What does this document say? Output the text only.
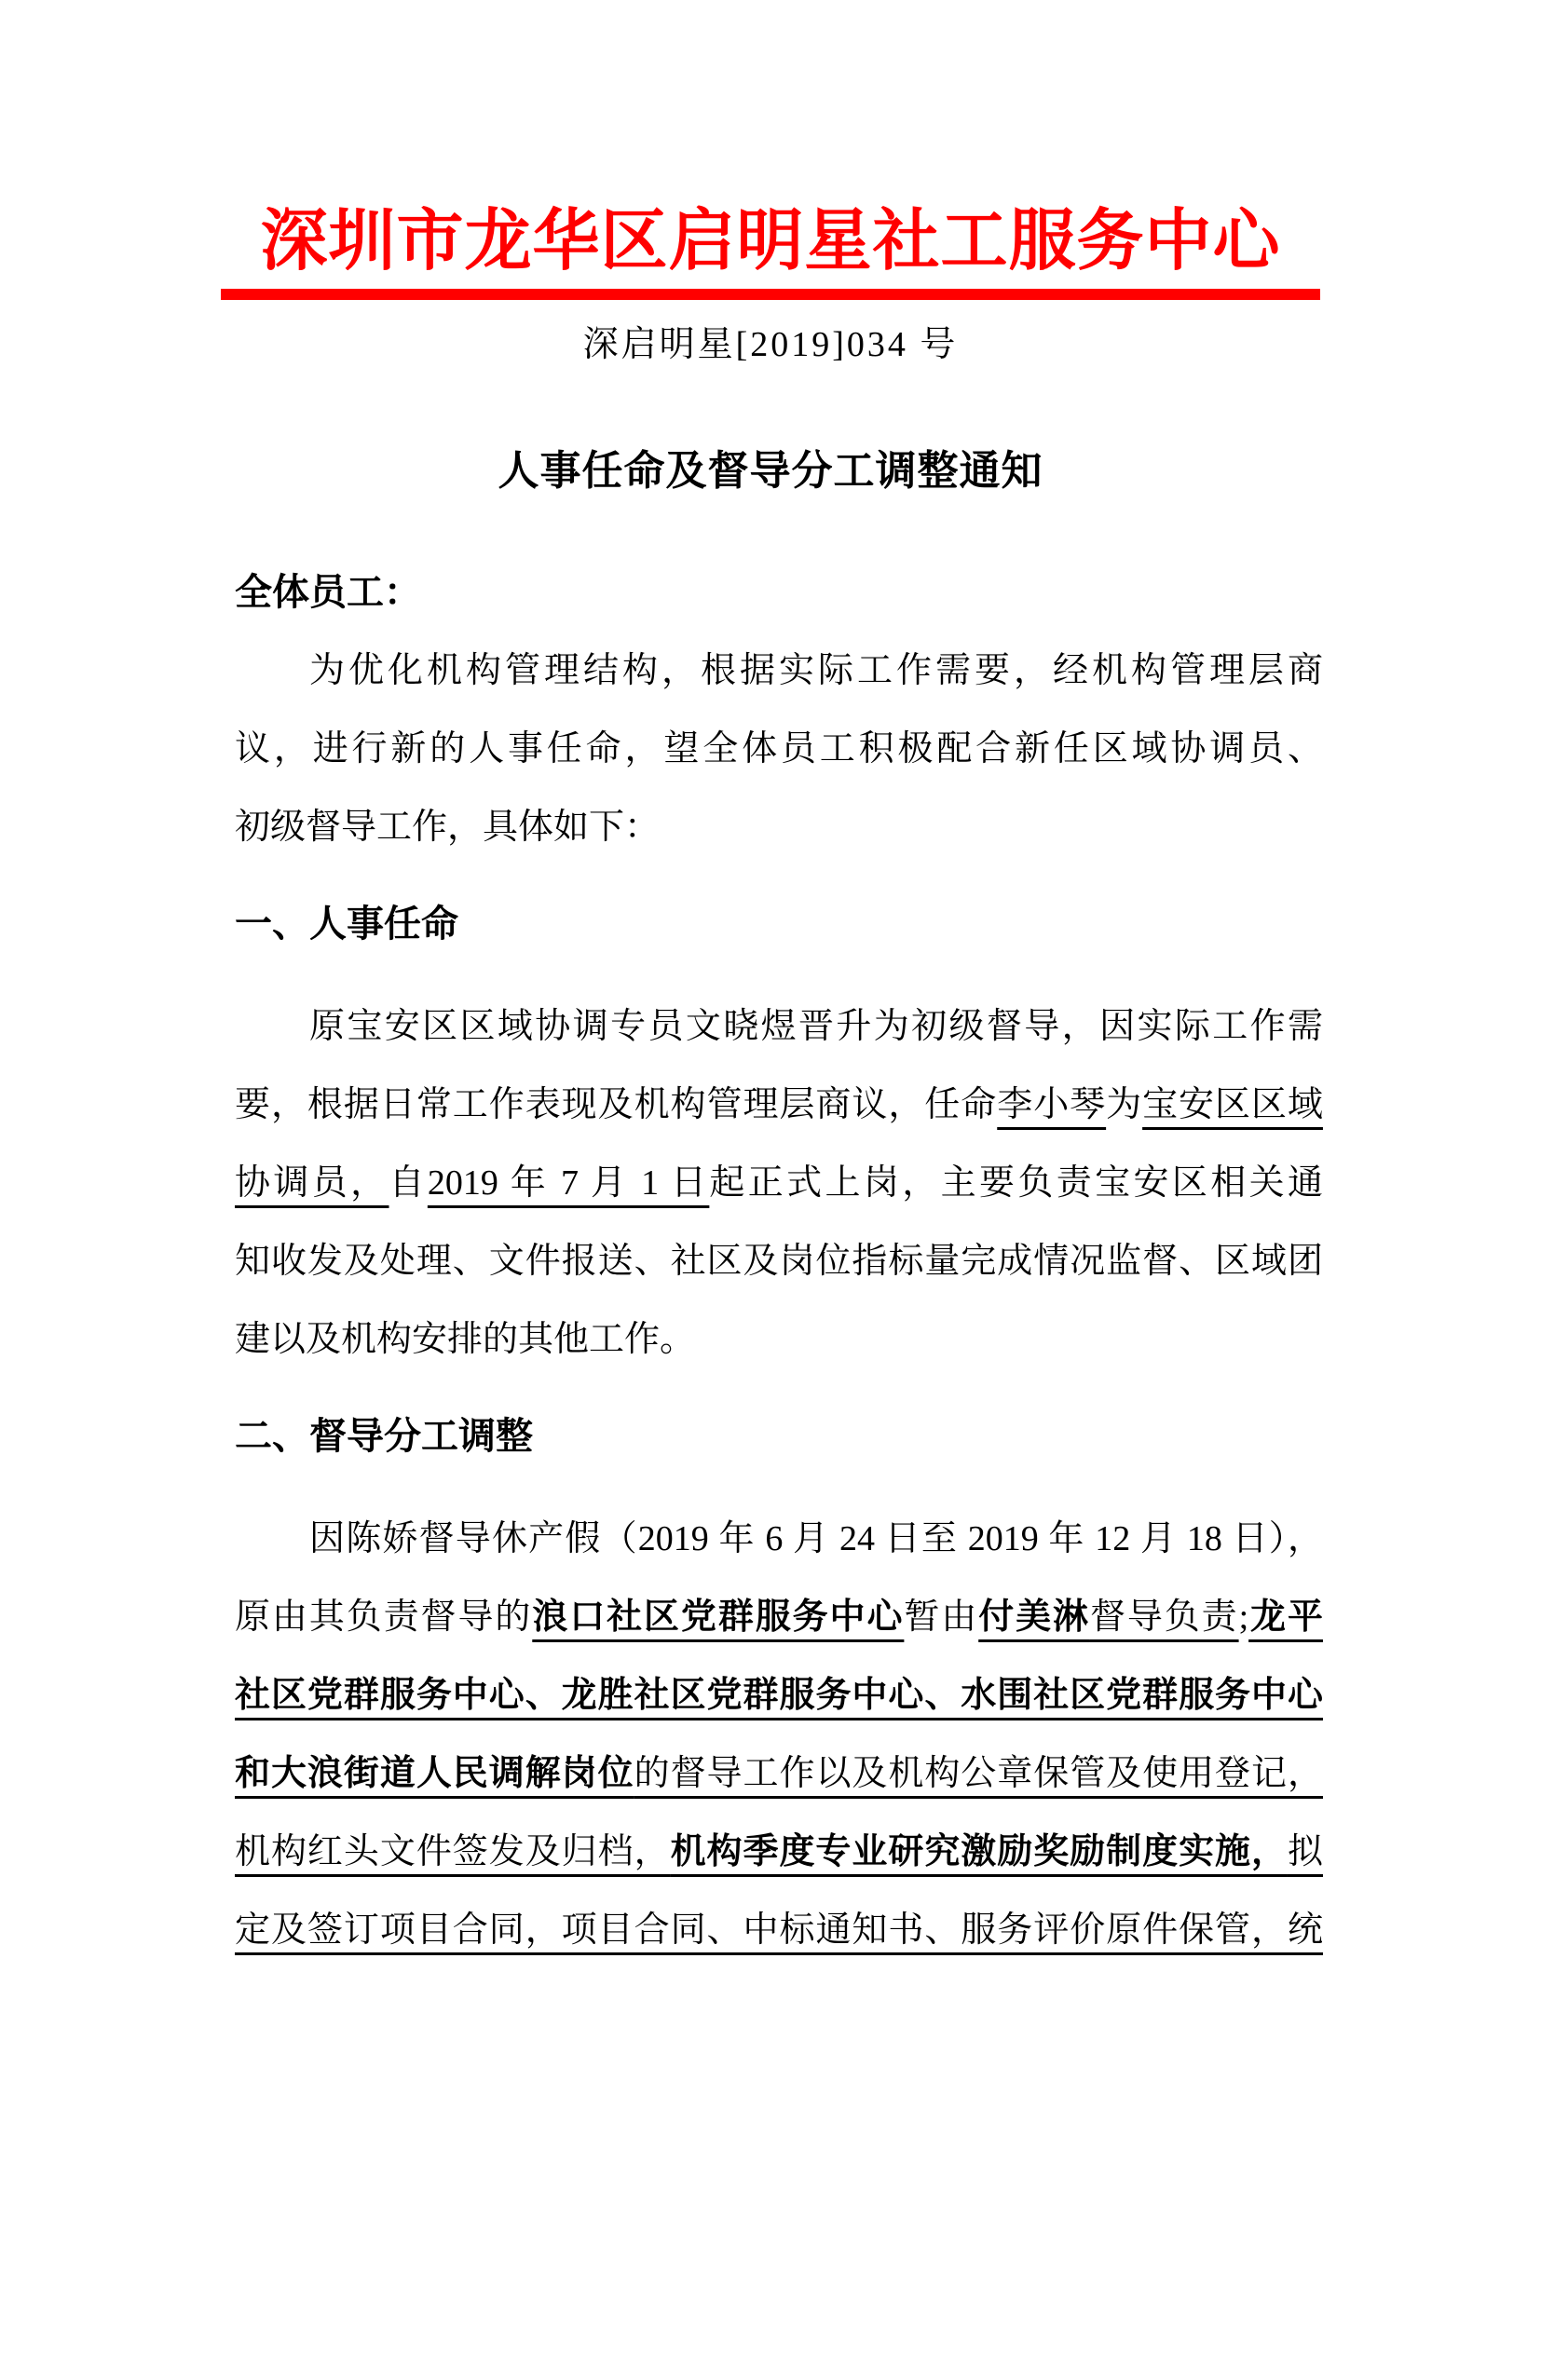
深圳市龙华区启明星社工服务中心
深启明星[2019]034 号
人事任命及督导分工调整通知
全体员工：
为优化机构管理结构，根据实际工作需要，经机构管理层商
议，进行新的人事任命，望全体员工积极配合新任区域协调员、
初级督导工作，具体如下：
一、人事任命
原宝安区区域协调专员文晓煜晋升为初级督导，因实际工作需
要，根据日常工作表现及机构管理层商议，任命李小琴为宝安区区域
协调员，自2019 年 7 月 1 日起正式上岗，主要负责宝安区相关通
知收发及处理、文件报送、社区及岗位指标量完成情况监督、区域团
建以及机构安排的其他工作。
二、督导分工调整
因陈娇督导休产假（2019 年 6 月 24 日至 2019 年 12 月 18 日），
原由其负责督导的浪口社区党群服务中心暂由付美淋督导负责;龙平
社区党群服务中心、龙胜社区党群服务中心、水围社区党群服务中心
和大浪街道人民调解岗位的督导工作以及机构公章保管及使用登记，
机构红头文件签发及归档，机构季度专业研究激励奖励制度实施，拟
定及签订项目合同，项目合同、中标通知书、服务评价原件保管，统
